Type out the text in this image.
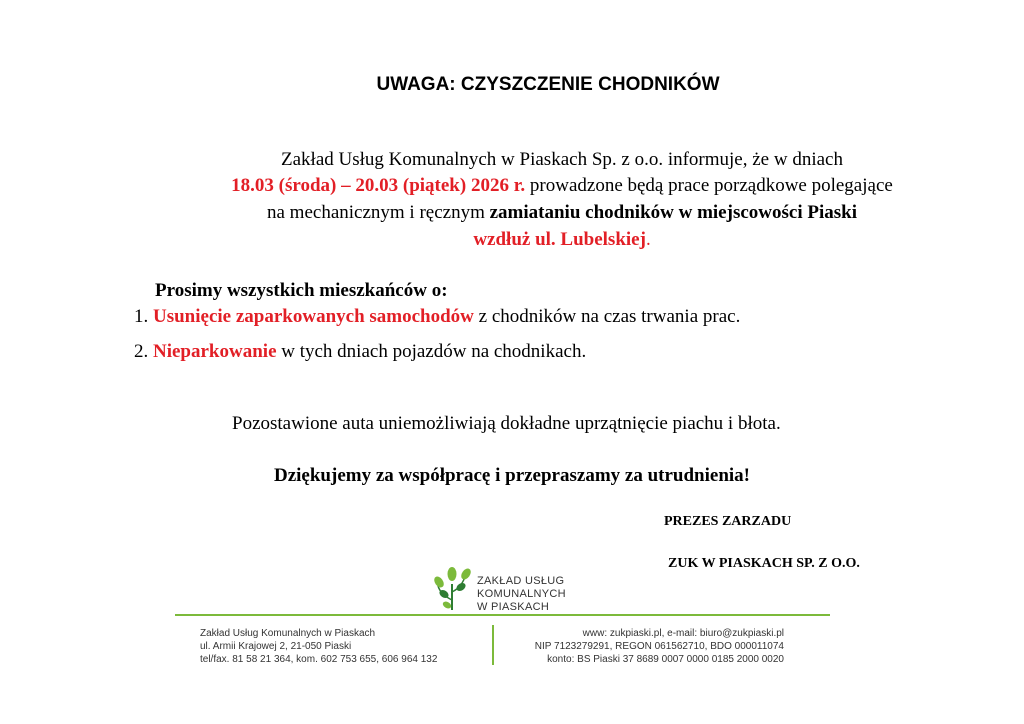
UWAGA: CZYSZCZENIE CHODNIKÓW
Zakład Usług Komunalnych w Piaskach Sp. z o.o. informuje, że w dniach
18.03 (środa) – 20.03 (piątek) 2026 r. prowadzone będą prace porządkowe polegające
na mechanicznym i ręcznym zamiataniu chodników w miejscowości Piaski
wzdłuż ul. Lubelskiej.
Prosimy wszystkich mieszkańców o:
1. Usunięcie zaparkowanych samochodów z chodników na czas trwania prac.
2. Nieparkowanie w tych dniach pojazdów na chodnikach.
Pozostawione auta uniemożliwiają dokładne uprzątnięcie piachu i błota.
Dziękujemy za współpracę i przepraszamy za utrudnienia!
PREZES ZARZADU
ZUK W PIASKACH SP. Z O.O.
ZAKŁAD USŁUG
KOMUNALNYCH
W PIASKACH
Zakład Usług Komunalnych w Piaskach
ul. Armii Krajowej 2, 21-050 Piaski
tel/fax. 81 58 21 364, kom. 602 753 655, 606 964 132
www: zukpiaski.pl, e-mail: biuro@zukpiaski.pl
NIP 7123279291, REGON 061562710, BDO 000011074
konto: BS Piaski 37 8689 0007 0000 0185 2000 0020
